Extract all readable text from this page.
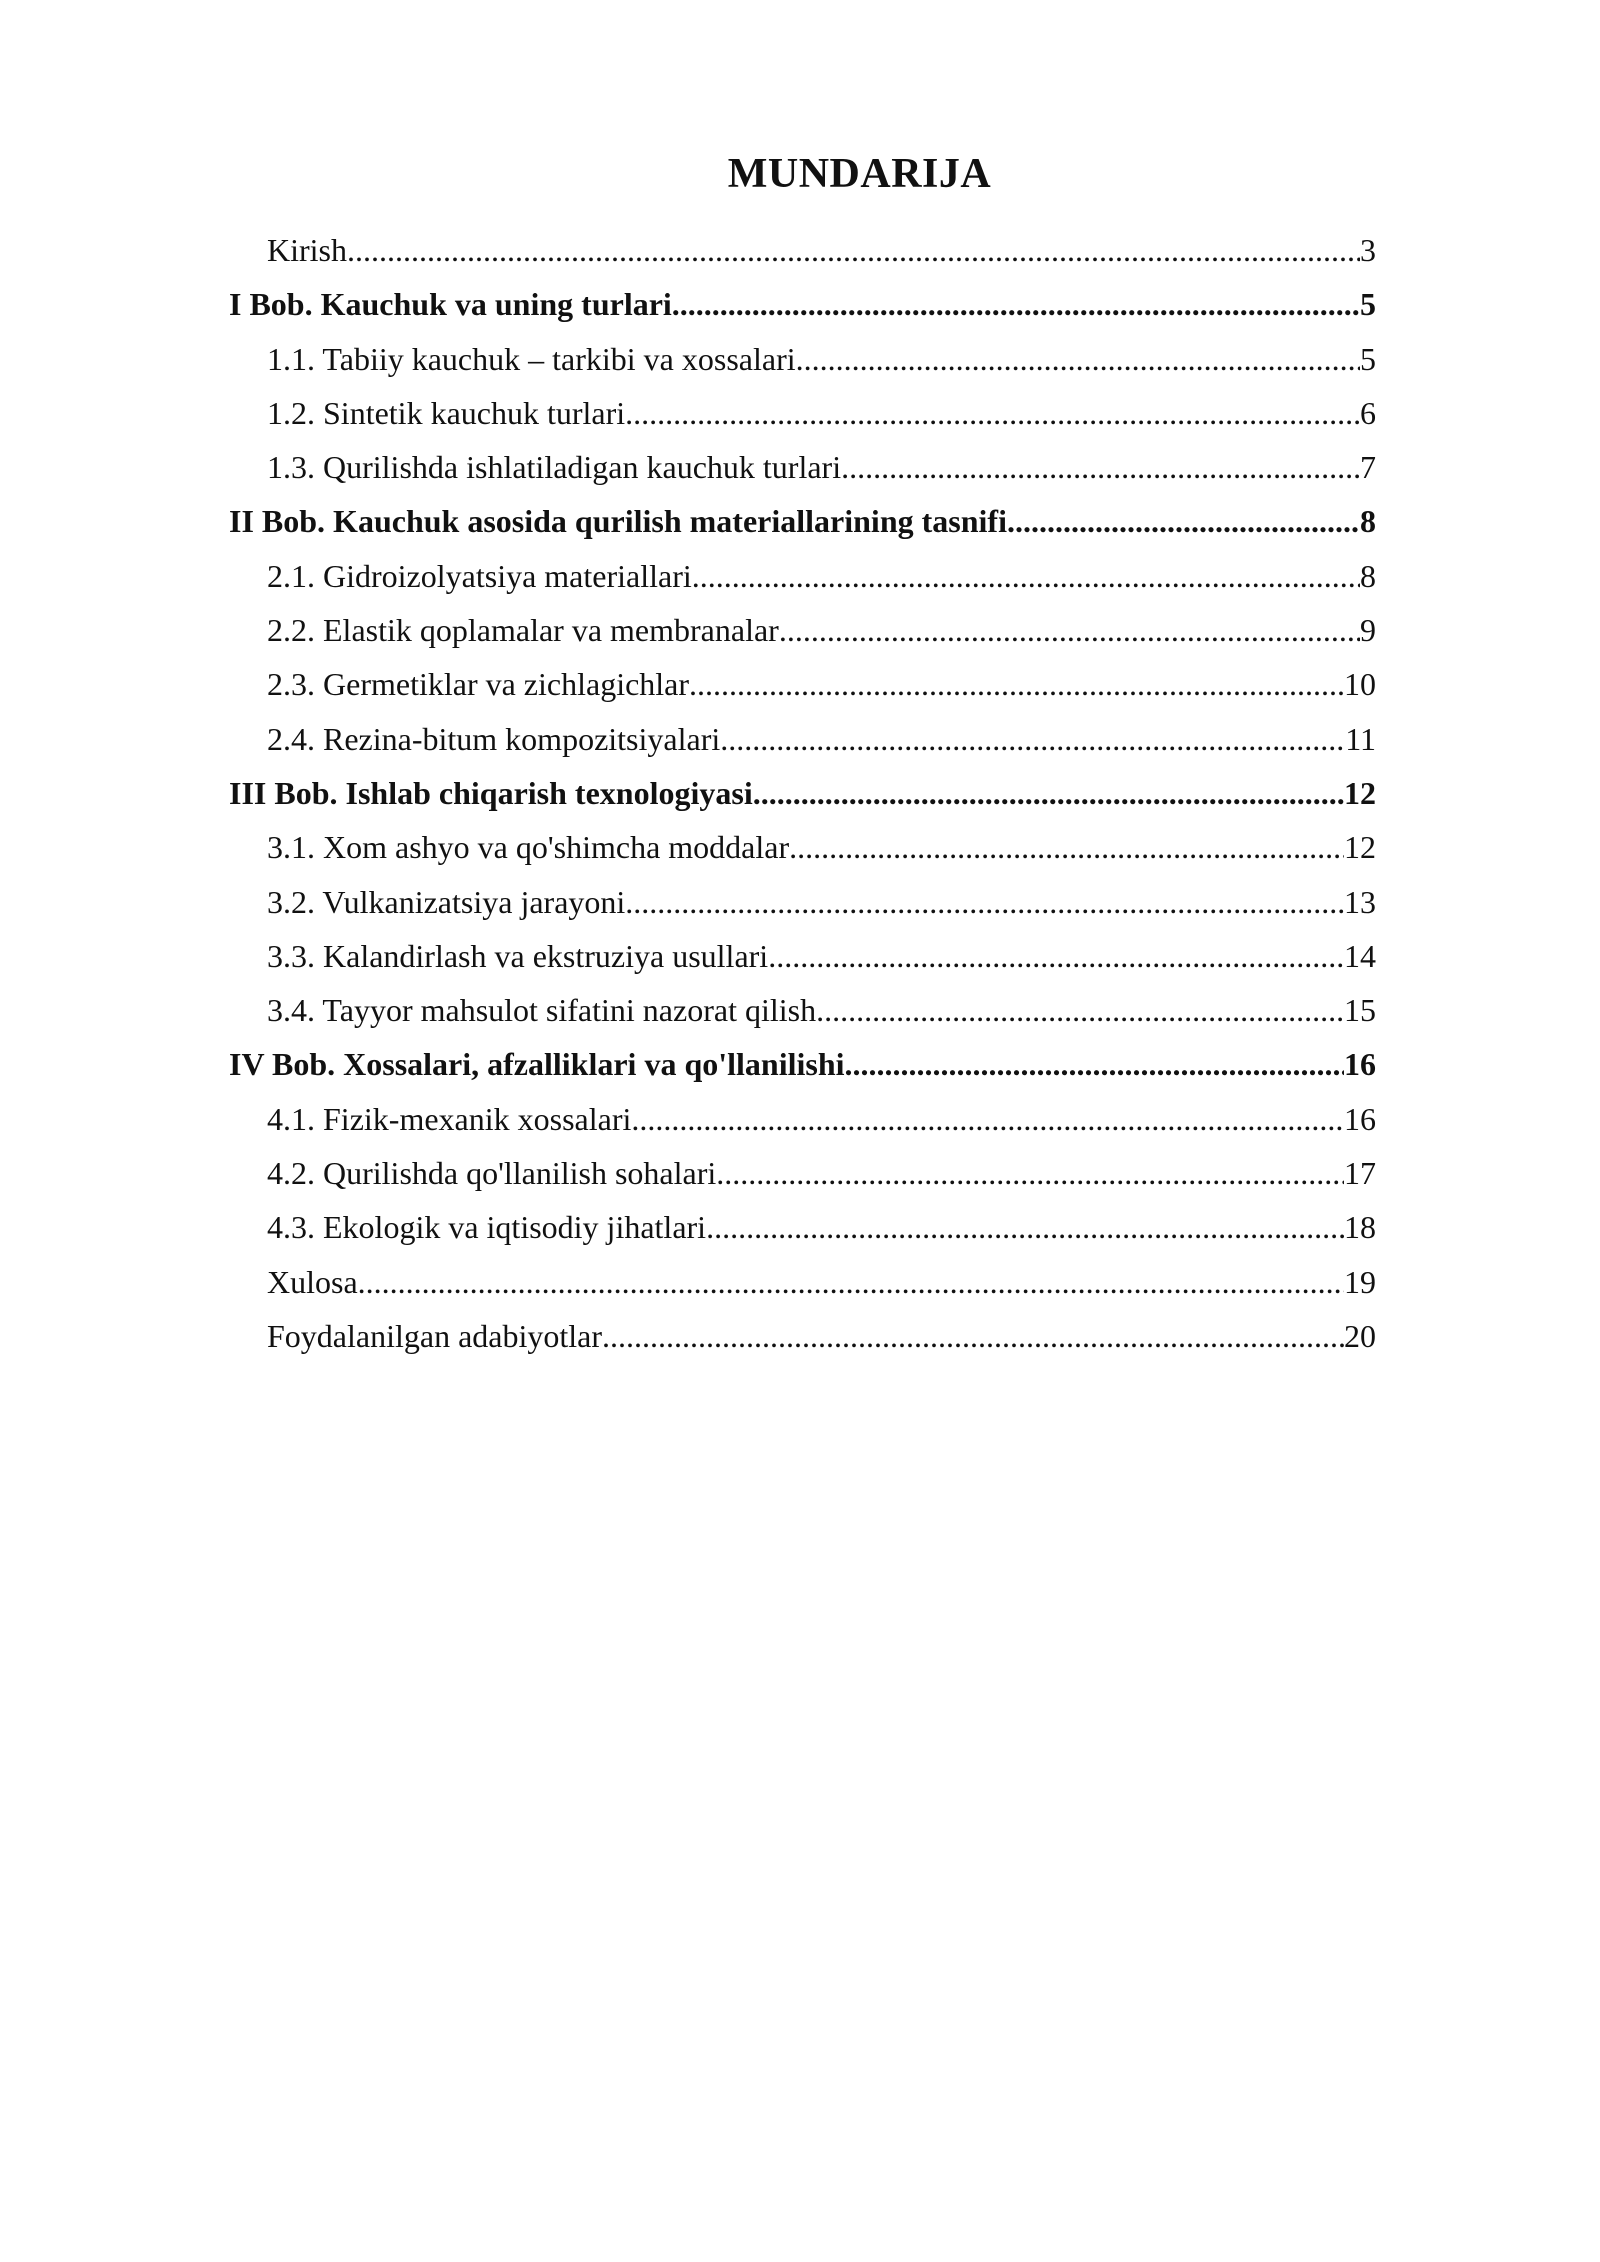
MUNDARIJA
Kirish .....	3
I Bob. Kauchuk va uning turlari .....	5
1.1. Tabiiy kauchuk – tarkibi va xossalari .....	5
1.2. Sintetik kauchuk turlari .....	6
1.3. Qurilishda ishlatiladigan kauchuk turlari .....	7
II Bob. Kauchuk asosida qurilish materiallarining tasnifi .....	8
2.1. Gidroizolyatsiya materiallari .....	8
2.2. Elastik qoplamalar va membranalar .....	9
2.3. Germetiklar va zichlagichlar .....	10
2.4. Rezina-bitum kompozitsiyalari .....	11
III Bob. Ishlab chiqarish texnologiyasi .....	12
3.1. Xom ashyo va qo'shimcha moddalar .....	12
3.2. Vulkanizatsiya jarayoni .....	13
3.3. Kalandirlash va ekstruziya usullari .....	14
3.4. Tayyor mahsulot sifatini nazorat qilish .....	15
IV Bob. Xossalari, afzalliklari va qo'llanilishi .....	16
4.1. Fizik-mexanik xossalari .....	16
4.2. Qurilishda qo'llanilish sohalari .....	17
4.3. Ekologik va iqtisodiy jihatlari .....	18
Xulosa .....	19
Foydalanilgan adabiyotlar .....	20
